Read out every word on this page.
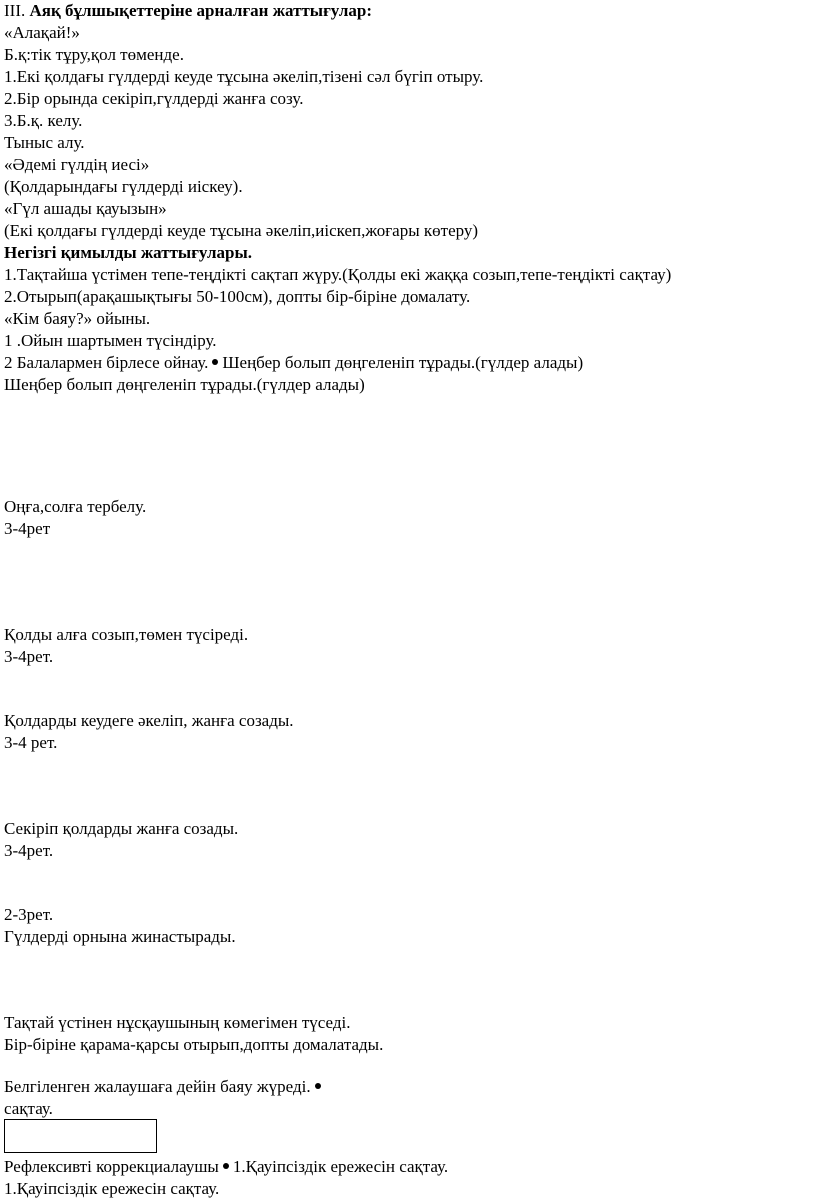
III. Аяқ бұлшықеттеріне арналған жаттығулар:
«Алақай!»
Б.қ:тік тұру,қол төменде.
1.Екі қолдағы гүлдерді кеуде тұсына әкеліп,тізені сәл бүгіп отыру.
2.Бір орында секіріп,гүлдерді жанға созу.
3.Б.қ. келу.
Тыныс алу.
«Әдемі гүлдің иесі»
(Қолдарындағы гүлдерді иіскеу).
«Гүл ашады қауызын»
(Екі қолдағы гүлдерді кеуде тұсына әкеліп,иіскеп,жоғары көтеру)
Негізгі қимылды жаттығулары.
1.Тақтайша үстімен тепе-теңдікті сақтап жүру.(Қолды екі жаққа созып,тепе-теңдікті сақтау)
2.Отырып(арақашықтығы 50-100см), допты бір-біріне домалату.
«Кім баяу?» ойыны.
1 .Ойын шартымен түсіндіру.
2 Балалармен бірлесе ойнау. Шеңбер болып дөңгеленіп тұрады.(гүлдер алады)
Шеңбер болып дөңгеленіп тұрады.(гүлдер алады)
Оңға,солға тербелу.
3-4рет
Қолды алға созып,төмен түсіреді.
3-4рет.
Қолдарды кеудеге әкеліп, жанға созады.
3-4 рет.
Секіріп қолдарды жанға созады.
3-4рет.
2-3рет.
Гүлдерді орнына жинастырады.
Тақтай үстінен нұсқаушының көмегімен түседі.
Бір-біріне қарама-қарсы отырып,допты домалатады.
Белгіленген жалаушаға дейін баяу жүреді.
сақтау.
Рефлексивті коррекциалаушы 1.Қауіпсіздік ережесін сақтау.
1.Қауіпсіздік ережесін сақтау.
